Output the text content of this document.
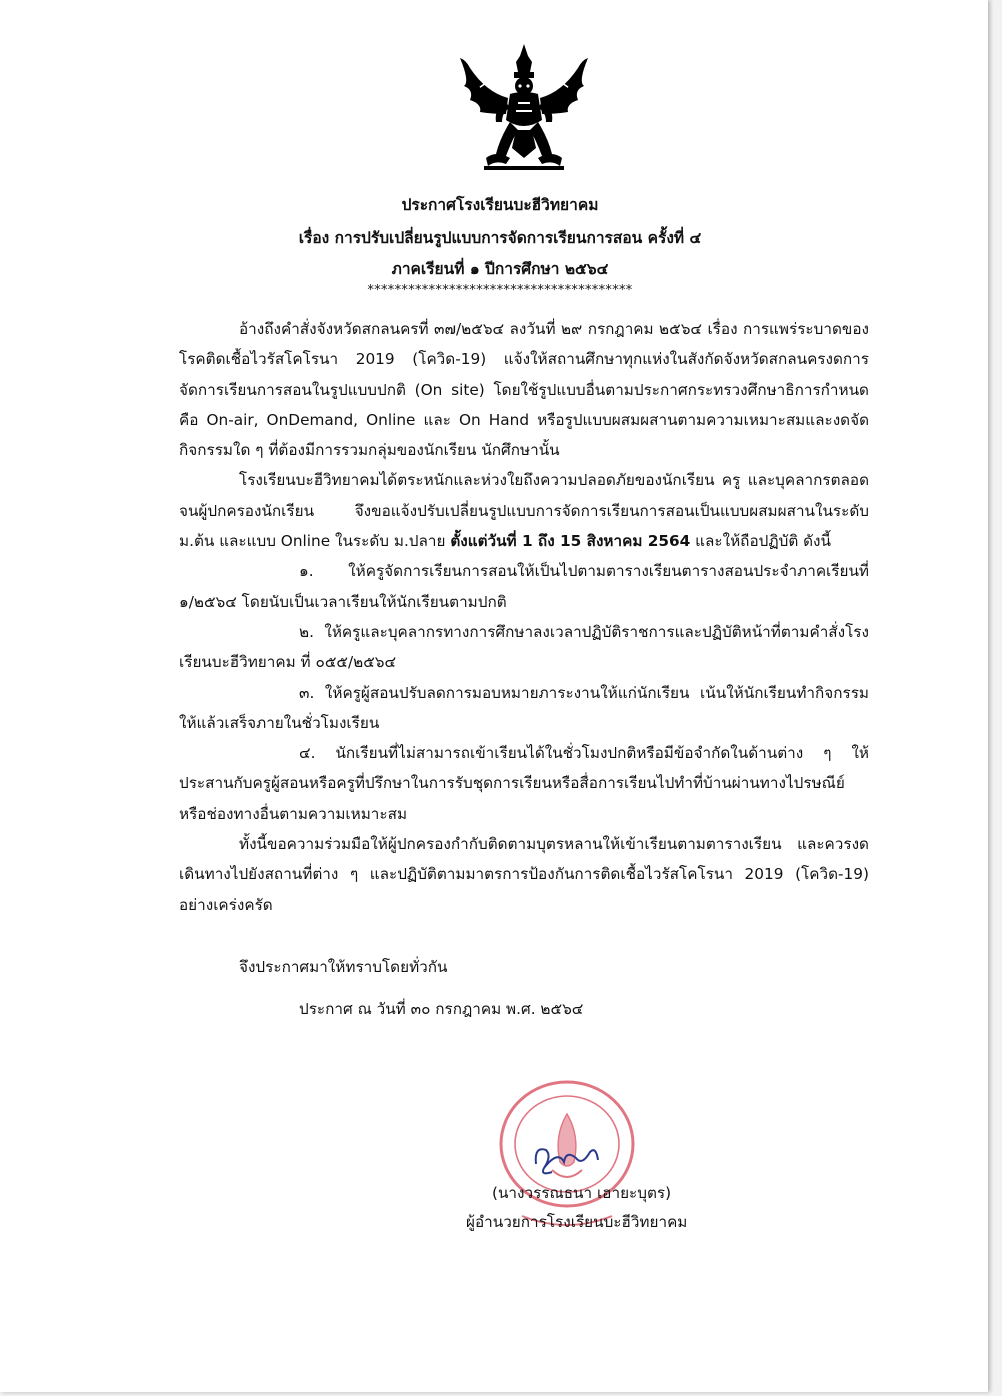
ประกาศโรงเรียนบะฮีวิทยาคม
เรื่อง การปรับเปลี่ยนรูปแบบการจัดการเรียนการสอน ครั้งที่ ๔
ภาคเรียนที่ ๑ ปีการศึกษา ๒๕๖๔
***************************************

อ้างถึงคำสั่งจังหวัดสกลนครที่ ๓๗/๒๕๖๔ ลงวันที่ ๒๙ กรกฎาคม ๒๕๖๔ เรื่อง การแพร่ระบาดของโรคติดเชื้อไวรัสโคโรนา 2019 (โควิด-19) แจ้งให้สถานศึกษาทุกแห่งในสังกัดจังหวัดสกลนครงดการจัดการเรียนการสอนในรูปแบบปกติ (On site) โดยใช้รูปแบบอื่นตามประกาศกระทรวงศึกษาธิการกำหนดคือ On-air, OnDemand, Online และ On Hand หรือรูปแบบผสมผสานตามความเหมาะสมและงดจัดกิจกรรมใด ๆ ที่ต้องมีการรวมกลุ่มของนักเรียน นักศึกษานั้น

โรงเรียนบะฮีวิทยาคมได้ตระหนักและห่วงใยถึงความปลอดภัยของนักเรียน ครู และบุคลากรตลอดจนผู้ปกครองนักเรียน จึงขอแจ้งปรับเปลี่ยนรูปแบบการจัดการเรียนการสอนเป็นแบบผสมผสานในระดับ ม.ต้น และแบบ Online ในระดับ ม.ปลาย ตั้งแต่วันที่ 1 ถึง 15 สิงหาคม 2564 และให้ถือปฏิบัติ ดังนี้

๑. ให้ครูจัดการเรียนการสอนให้เป็นไปตามตารางเรียนตารางสอนประจำภาคเรียนที่ ๑/๒๕๖๔ โดยนับเป็นเวลาเรียนให้นักเรียนตามปกติ

๒. ให้ครูและบุคลากรทางการศึกษาลงเวลาปฏิบัติราชการและปฏิบัติหน้าที่ตามคำสั่งโรงเรียนบะฮีวิทยาคม ที่ ๐๕๕/๒๕๖๔

๓. ให้ครูผู้สอนปรับลดการมอบหมายภาระงานให้แก่นักเรียน เน้นให้นักเรียนทำกิจกรรมให้แล้วเสร็จภายในชั่วโมงเรียน

๔. นักเรียนที่ไม่สามารถเข้าเรียนได้ในชั่วโมงปกติหรือมีข้อจำกัดในด้านต่าง ๆ ให้ประสานกับครูผู้สอนหรือครูที่ปรึกษาในการรับชุดการเรียนหรือสื่อการเรียนไปทำที่บ้านผ่านทางไปรษณีย์หรือช่องทางอื่นตามความเหมาะสม

ทั้งนี้ขอความร่วมมือให้ผู้ปกครองกำกับติดตามบุตรหลานให้เข้าเรียนตามตารางเรียน และควรงดเดินทางไปยังสถานที่ต่าง ๆ และปฏิบัติตามมาตรการป้องกันการติดเชื้อไวรัสโคโรนา 2019 (โควิด-19) อย่างเคร่งครัด

จึงประกาศมาให้ทราบโดยทั่วกัน
ประกาศ ณ วันที่ ๓๐ กรกฎาคม พ.ศ. ๒๕๖๔
(นางวรรณธนา เฮายะบุตร)
ผู้อำนวยการโรงเรียนบะฮีวิทยาคม
